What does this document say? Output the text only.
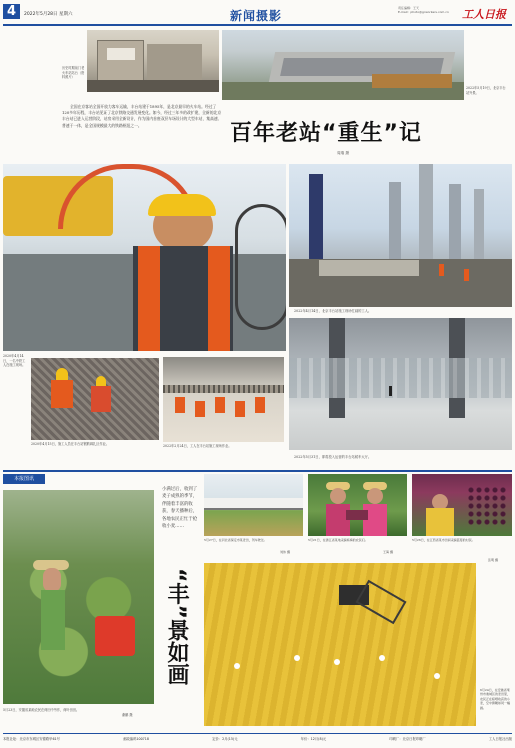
4	2022年5月28日 星期六	新闻摄影
责任编辑：王天
E-mail：photo@grworkers.com.cn	工人日报
历史时期前门老火车站站台（资料照片）
2022年5月19日，北京丰台站外景。
全国在京客站全国开放力客车运输，丰台站建于1895年，是北京最早的火车站。经过了120多年历程，丰台站见证了北京铁路交通发展变化。如今，经过三年多的改扩建，全新的北京丰台站已进入运营阶段，站房采用全新设计，作为国内首座双层车场设计的大型车站，集高速、普速于一体，是全国规模最大的铁路枢纽之一。	百年老站“重生”记
周瑞 摄
2020年4月14日，一名中铁工人在施工现场。
2022年4月14日，北京丰台站施工现场忙碌的工人。
2022年5月31日，即将投入运营的丰台站候车大厅。
2020年4月15日，施工人员在丰台站钢筋绑扎区作业。	2022年2月24日，工人在丰台站施工现场作业。
本报图讯
5月23日，安徽省某地农民在荷田中劳作，荷叶田田。
谢鹏 摄
小满过后，收到了麦子成熟的季节，伴随着丰富的收获，春天播种后，各地农民正忙于抢收小麦……
“丰”景如画
5月27日，在河北省保定市某麦田，列车驶过。
刘伟 摄
5月21日，在浙江省某地采摘杨梅的农民们。
王海 摄
5月26日，在江西省某市田间采摘蓝莓的村民。
张明 摄
6月24日，在安徽省亳州市谯城区的麦田里，农民正在晾晒收获的小麦，空中俯瞰如同一幅画。
本报社址：北京市东城区安德路甲61号	邮政编码100718	定价：2月(15)元	年价：12月(8)元	印刷厂：北京日报印刷厂	工人日报社出版
